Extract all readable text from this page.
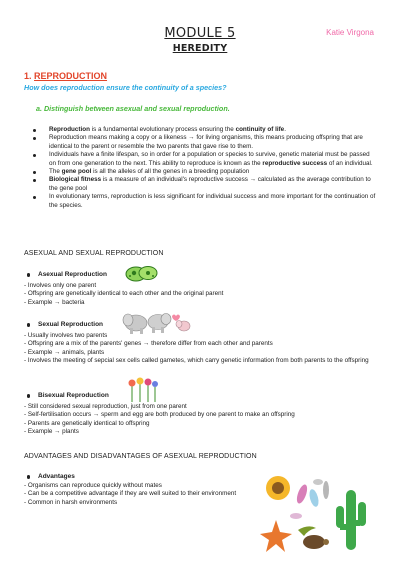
MODULE 5
HEREDITY
Katie Virgona
1. REPRODUCTION
How does reproduction ensure the continuity of a species?
a. Distinguish between asexual and sexual reproduction.
Reproduction is a fundamental evolutionary process ensuring the continuity of life.
Reproduction means making a copy or a likeness → for living organisms, this means producing offspring that are identical to the parent or resemble the two parents that gave rise to them.
Individuals have a finite lifespan, so in order for a population or species to survive, genetic material must be passed on from one generation to the next. This ability to reproduce is known as the reproductive success of an individual.
The gene pool is all the alleles of all the genes in a breeding population
Biological fitness is a measure of an individual's reproductive success → calculated as the average contribution to the gene pool
In evolutionary terms, reproduction is less significant for individual success and more important for the continuation of the species.
ASEXUAL AND SEXUAL REPRODUCTION
Asexual Reproduction
- Involves only one parent
- Offspring are genetically identical to each other and the original parent
- Example → bacteria
Sexual Reproduction
- Usually involves two parents
- Offspring are a mix of the parents' genes → therefore differ from each other and parents
- Example → animals, plants
- Involves the meeting of sepcial sex cells called gametes, which carry genetic information from both parents to the offspring
Bisexual Reproduction
- Still considered sexual reproduction, just from one parent
- Self-fertilisation occurs → sperm and egg are both produced by one parent to make an offspring
- Parents are genetically identical to offspring
- Example → plants
ADVANTAGES AND DISADVANTAGES OF ASEXUAL REPRODUCTION
Advantages
- Organisms can reproduce quickly without mates
- Can be a competitive advantage if they are well suited to their environment
- Common in harsh environments
